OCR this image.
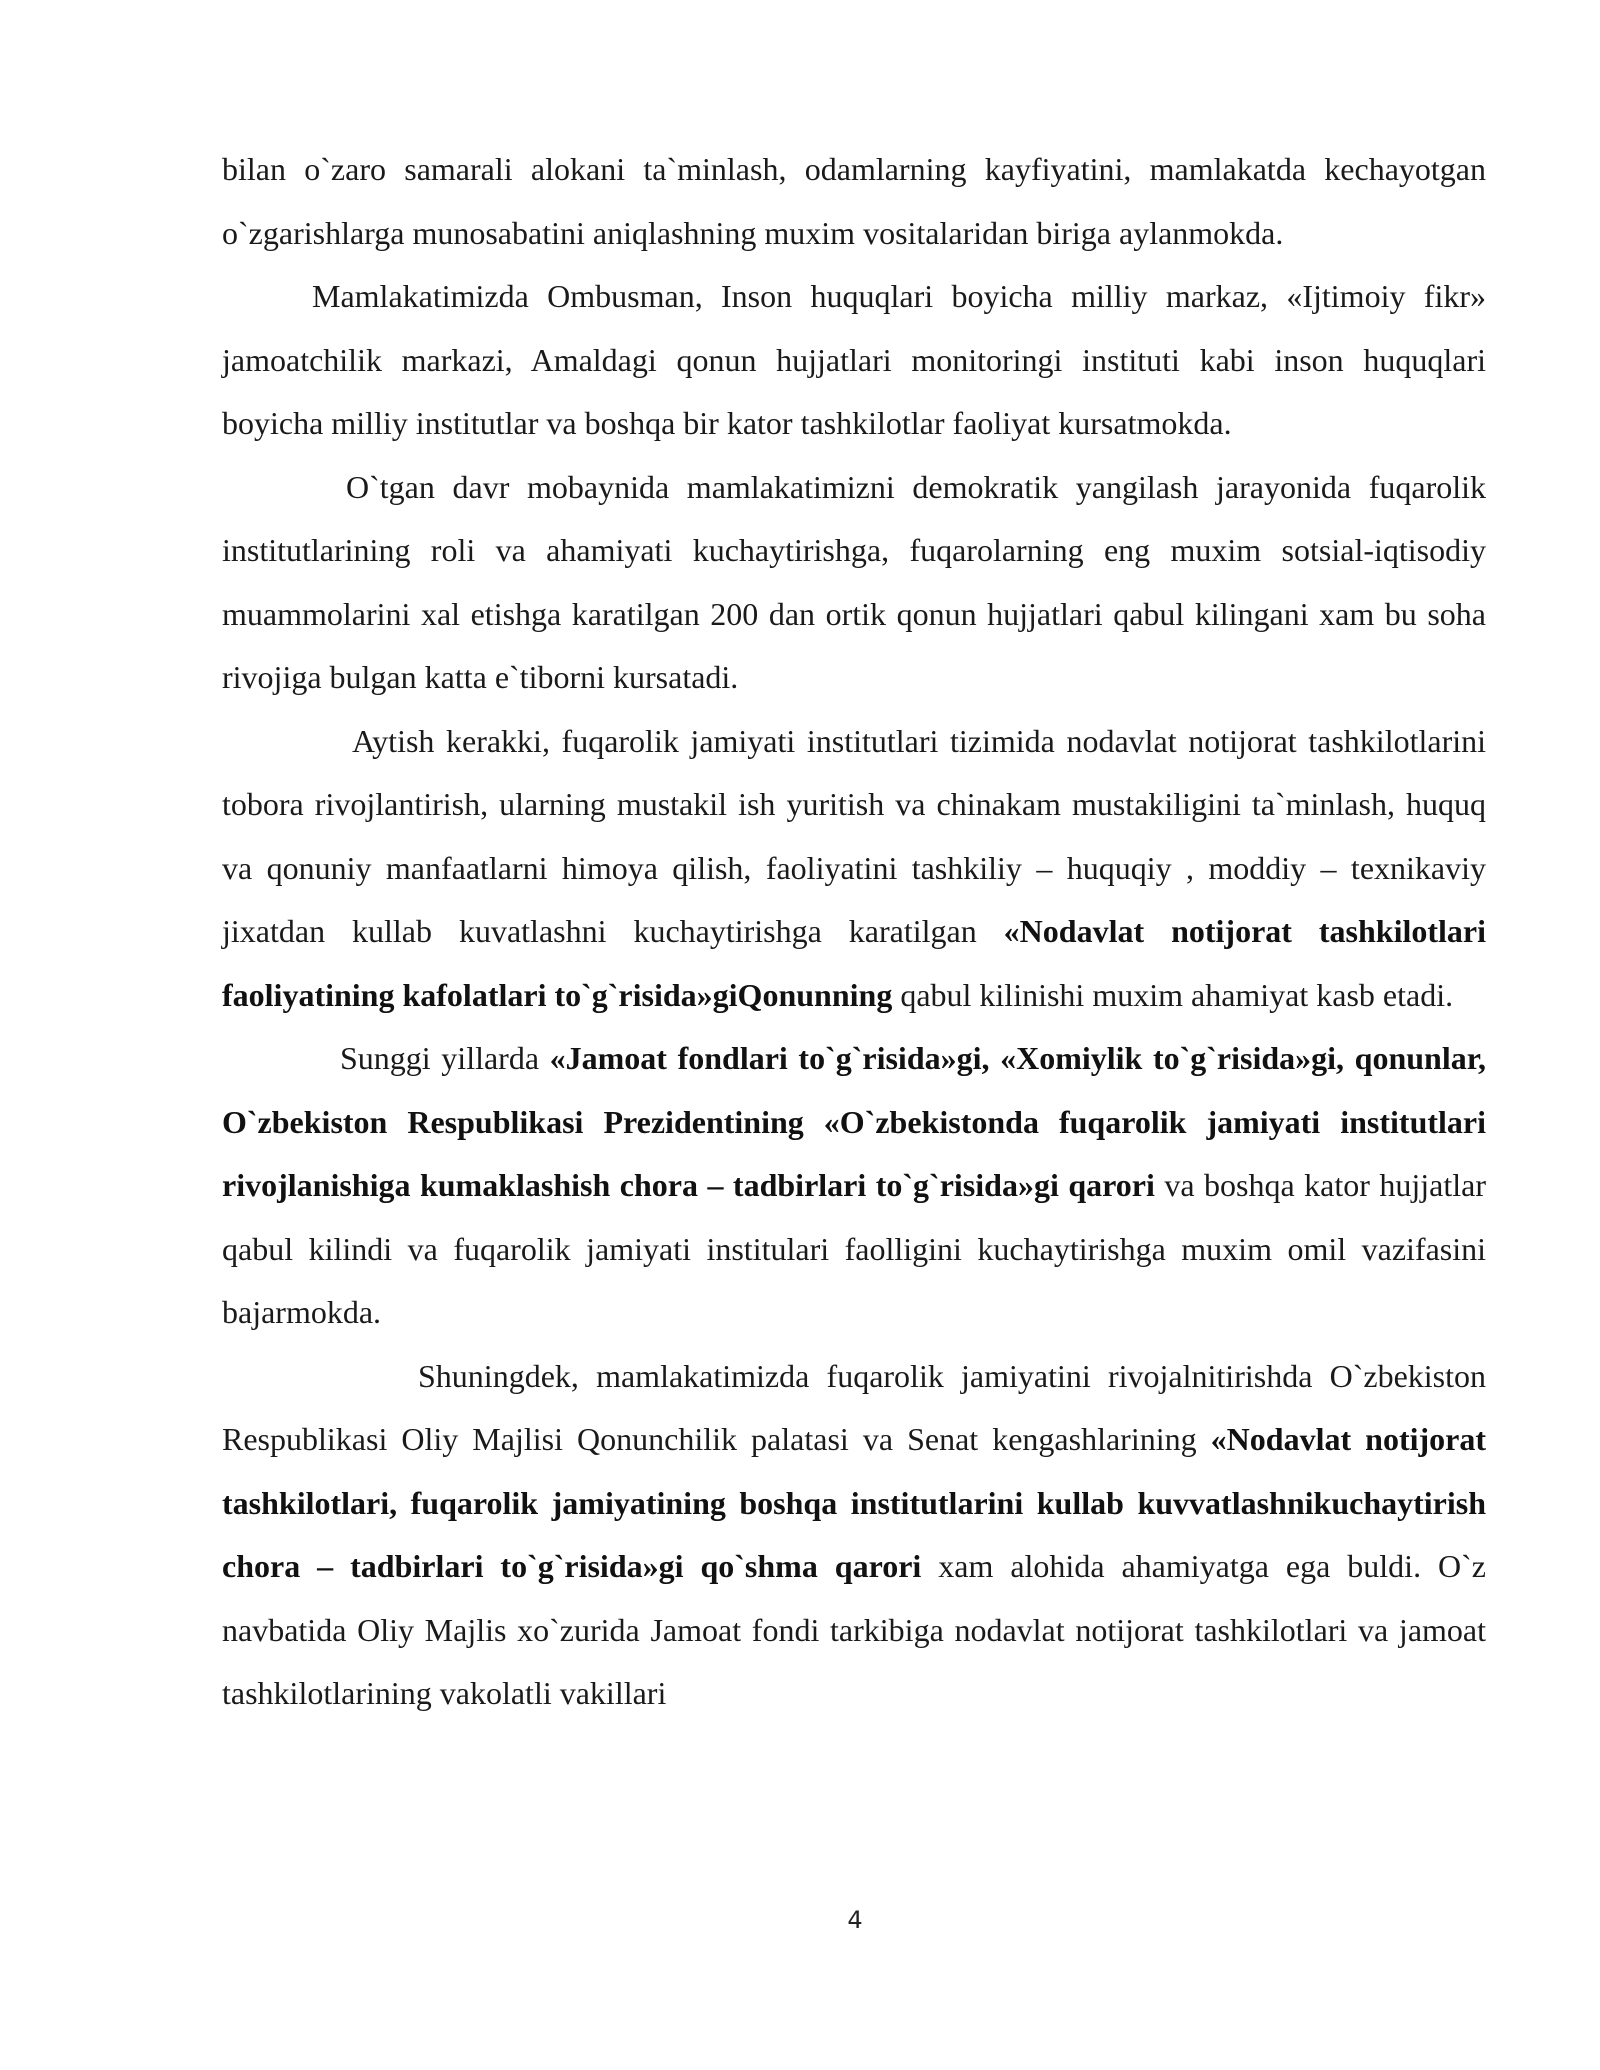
bilan o`zaro samarali alokani ta`minlash, odamlarning kayfiyatini, mamlakatda kechayotgan o`zgarishlarga munosabatini aniqlashning muxim vositalaridan biriga aylanmokda.

Mamlakatimizda Ombusman, Inson huquqlari boyicha milliy markaz, «Ijtimoiy fikr» jamoatchilik markazi, Amaldagi qonun hujjatlari monitoringi instituti kabi inson huquqlari boyicha milliy institutlar va boshqa bir kator tashkilotlar faoliyat kursatmokda.

O`tgan davr mobaynida mamlakatimizni demokratik yangilash jarayonida fuqarolik institutlarining roli va ahamiyati kuchaytirishga, fuqarolarning eng muxim sotsial-iqtisodiy muammolarini xal etishga karatilgan 200 dan ortik qonun hujjatlari qabul kilingani xam bu soha rivojiga bulgan katta e`tiborni kursatadi.

Aytish kerakki, fuqarolik jamiyati institutlari tizimida nodavlat notijorat tashkilotlarini tobora rivojlantirish, ularning mustakil ish yuritish va chinakam mustakiligini ta`minlash, huquq va qonuniy manfaatlarni himoya qilish, faoliyatini tashkiliy – huquqiy , moddiy – texnikaviy jixatdan kullab kuvatlashni kuchaytirishga karatilgan «Nodavlat notijorat tashkilotlari faoliyatining kafolatlari to`g`risida»giQonunning qabul kilinishi muxim ahamiyat kasb etadi.

Sunggi yillarda «Jamoat fondlari to`g`risida»gi, «Xomiylik to`g`risida»gi, qonunlar, O`zbekiston Respublikasi Prezidentining «O`zbekistonda fuqarolik jamiyati institutlari rivojlanishiga kumaklashish chora – tadbirlari to`g`risida»gi qarori va boshqa kator hujjatlar qabul kilindi va fuqarolik jamiyati institulari faolligini kuchaytirishga muxim omil vazifasini bajarmokda.

Shuningdek, mamlakatimizda fuqarolik jamiyatini rivojalnitirishda O`zbekiston Respublikasi Oliy Majlisi Qonunchilik palatasi va Senat kengashlarining «Nodavlat notijorat tashkilotlari, fuqarolik jamiyatining boshqa institutlarini kullab kuvvatlashnikuchaytirish chora – tadbirlari to`g`risida»gi qo`shma qarori xam alohida ahamiyatga ega buldi. O`z navbatida Oliy Majlis xo`zurida Jamoat fondi tarkibiga nodavlat notijorat tashkilotlari va jamoat tashkilotlarining vakolatli vakillari

4
